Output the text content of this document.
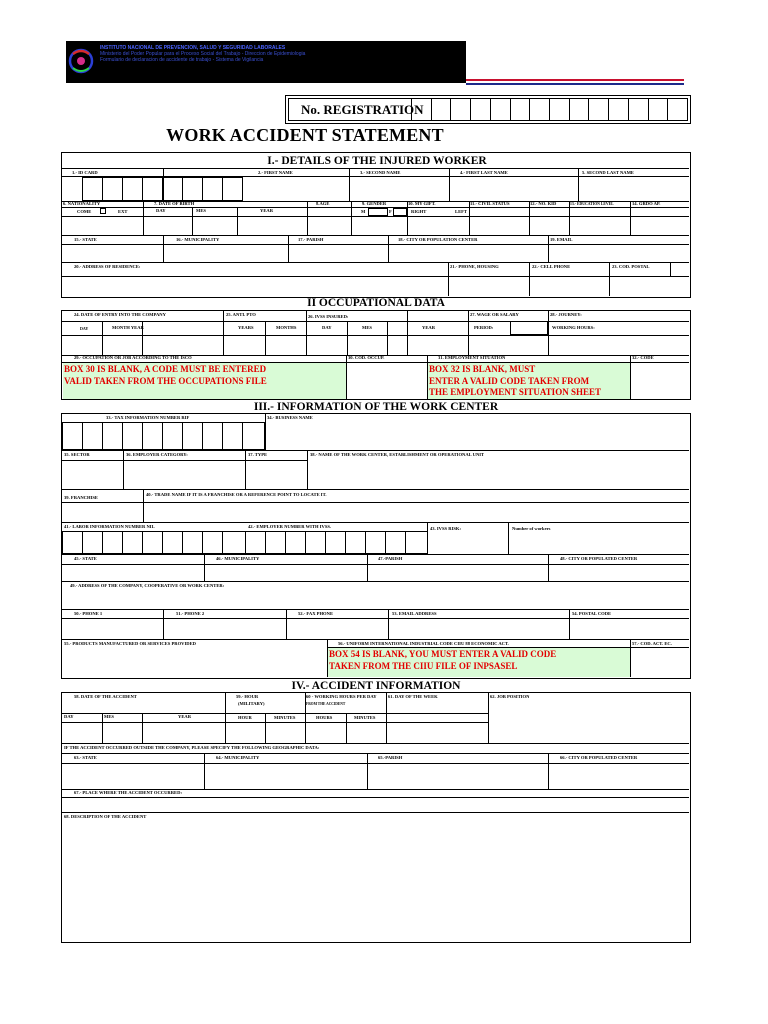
INSTITUTO NACIONAL DE PREVENCION, SALUD Y SEGURIDAD LABORALES
Ministerio del Poder Popular para el Proceso Social del Trabajo - Direccion de Epidemiologia
Formulario de declaracion de accidente de trabajo - Sistema de Vigilancia
No. REGISTRATION
WORK ACCIDENT STATEMENT
I.- DETAILS OF THE INJURED WORKER
1.- ID CARD	2.- FIRST NAME	3.- SECOND NAME	4.- FIRST LAST NAME	5. SECOND LAST NAME
6. NATIONALITY	7. DATE OF BIRTH	8.AGE	9. GENDER	10. MY GIFT.	11.- CIVIL STATUS	12.- NO. KID	13.- EDUCATION LEVEL	14. GRDO AP.
COME	EXT	DAY	MES	YEAR	M	F	RIGHT	LEFT
15.- STATE	16.- MUNICIPALITY	17.- PARISH	18.- CITY OR POPULATION CENTER	19. EMAIL
20.- ADDRESS OF RESIDENCE:	21.- PHONE, HOUSING	22.- CELL PHONE	23. COD. POSTAL
II OCCUPATIONAL DATA
24. DATE OF ENTRY INTO THE COMPANY	25. ANTI. PTO	26. IVSS INSURED:	27. WAGE OR SALARY	28.- JOURNEY:
DAY	MONTH YEAR	YEARS	MONTHS	DAY	MES	YEAR	PERIOD:	WORKING HOURS:
29.- OCCUPATION OR JOB ACCORDING TO THE ISCO	30. COD. OCCUP.	31. EMPLOYMENT SITUATION	32.- CODE
BOX 30 IS BLANK, A CODE MUST BE ENTERED
VALID TAKEN FROM THE OCCUPATIONS FILE
BOX 32 IS BLANK, MUST
ENTER A VALID CODE TAKEN FROM
THE EMPLOYMENT SITUATION SHEET
III.- INFORMATION OF THE WORK CENTER
33.- TAX INFORMATION NUMBER RIF	34.- BUSINESS NAME
35. SECTOR	36. EMPLOYER CATEGORY:	37. TYPE	38.- NAME OF THE WORK CENTER, ESTABLISHMENT OR OPERATIONAL UNIT
39. FRANCHISE
40.- TRADE NAME IF IT IS A FRANCHISE OR A REFERENCE POINT TO LOCATE IT.
41.- LABOR INFORMATION NUMBER NIL	42.- EMPLOYER NUMBER WITH IVSS.	43. IVSS RISK:	Number of workers
45.- STATE	46.- MUNICIPALITY	47.-PARISH	48.- CITY OR POPULATED CENTER
49.- ADDRESS OF THE COMPANY, COOPERATIVE OR WORK CENTER:
50.- PHONE 1	51.- PHONE 2	52.- FAX PHONE	53. EMAIL ADDRESS	54. POSTAL CODE
55.- PRODUCTS MANUFACTURED OR SERVICES PROVIDED	56.- UNIFORM INTERNATIONAL INDUSTRIAL CODE CIIU 88 ECONOMIC ACT.	57.- COD. ACT. EC.
BOX 54 IS BLANK, YOU MUST ENTER A VALID CODE
TAKEN FROM THE CIIU FILE OF INPSASEL
IV.- ACCIDENT INFORMATION
58. DATE OF THE ACCIDENT	59.- HOUR
(MILITARY)
60 - WORKING HOURS PER DAY
FROM THE ACCIDENT
61. DAY OF THE WEEK	62. JOB POSITION
DAY	MES	YEAR	HOUR	MINUTES	HOURS	MINUTES
IF THE ACCIDENT OCCURRED OUTSIDE THE COMPANY, PLEASE SPECIFY THE FOLLOWING GEOGRAPHIC DATA:
63.- STATE	64.- MUNICIPALITY	65.-PARISH	66.- CITY OR POPULATED CENTER
67.- PLACE WHERE THE ACCIDENT OCCURRED:
68. DESCRIPTION OF THE ACCIDENT
